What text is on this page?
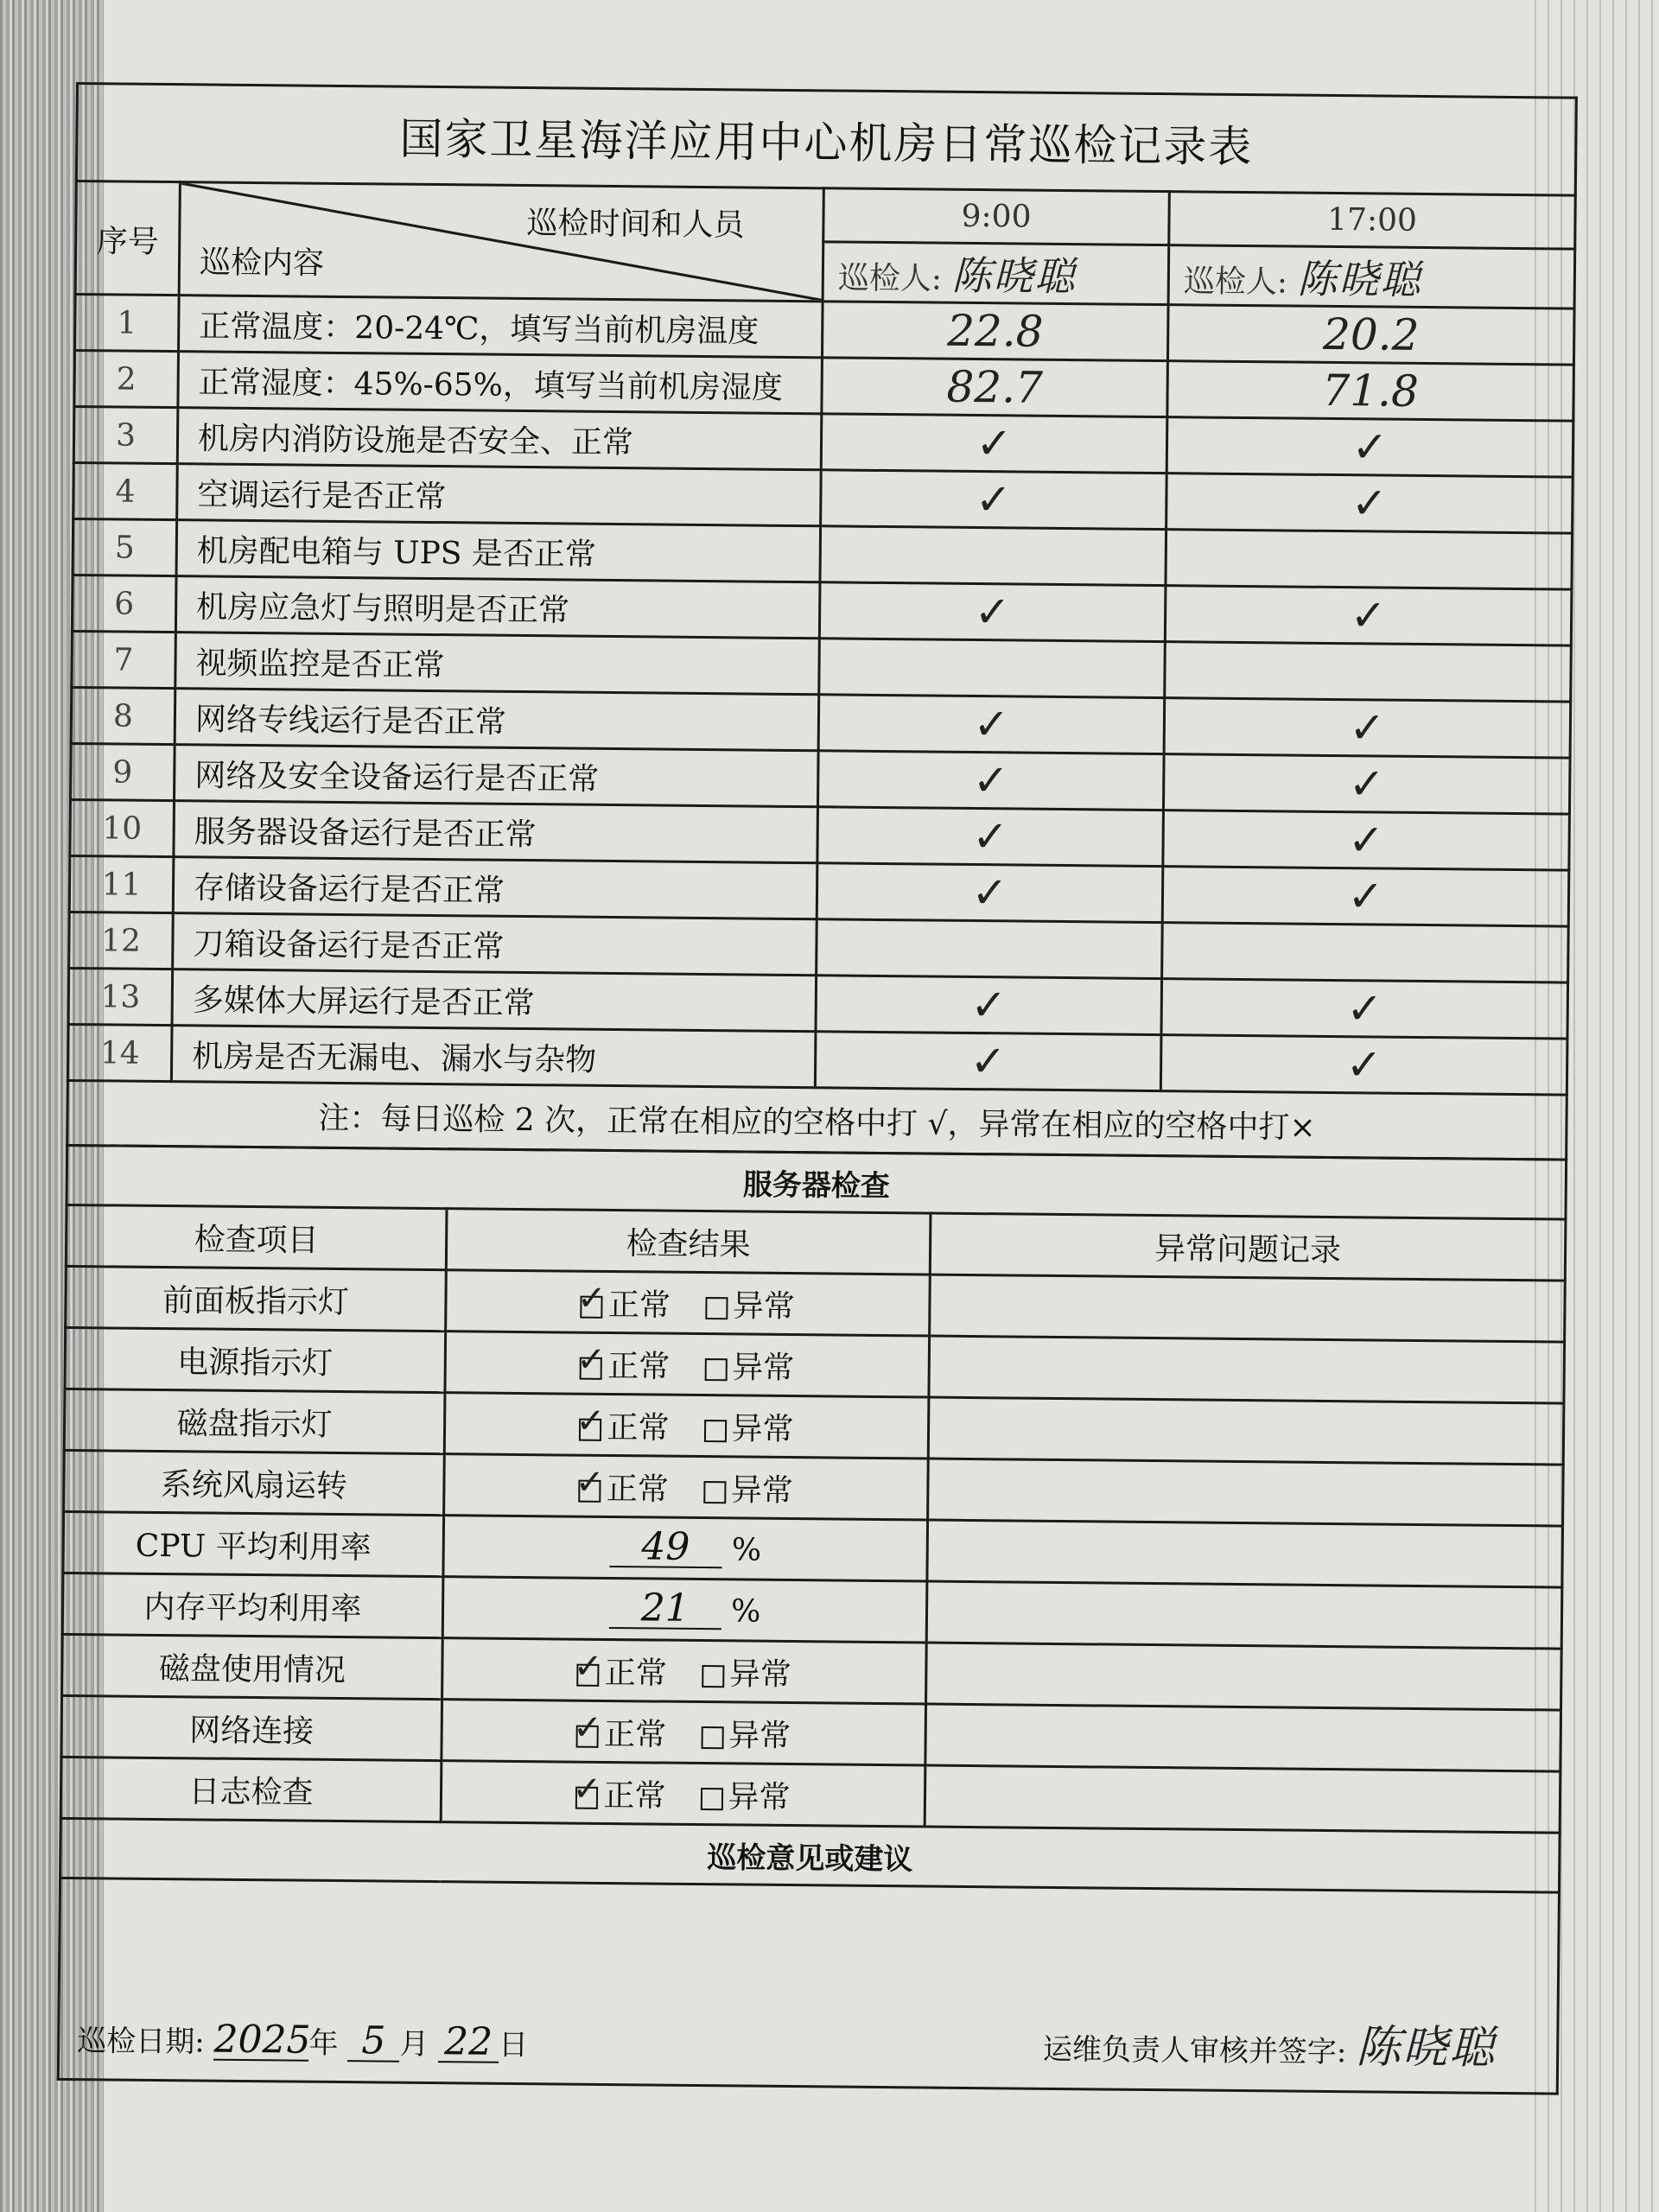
国家卫星海洋应用中心机房日常巡检记录表			
序号	巡检时间和人员
巡检内容	9:00	17:00
		巡检人: 陈晓聪	巡检人: 陈晓聪
1	正常温度：20-24℃，填写当前机房温度	22.8	20.2
2	正常湿度：45%-65%，填写当前机房湿度	82.7	71.8
3	机房内消防设施是否安全、正常	✓	✓
4	空调运行是否正常	✓	✓
5	机房配电箱与 UPS 是否正常		
6	机房应急灯与照明是否正常	✓	✓
7	视频监控是否正常		
8	网络专线运行是否正常	✓	✓
9	网络及安全设备运行是否正常	✓	✓
10	服务器设备运行是否正常	✓	✓
11	存储设备运行是否正常	✓	✓
12	刀箱设备运行是否正常		
13	多媒体大屏运行是否正常	✓	✓
14	机房是否无漏电、漏水与杂物	✓	✓
注：每日巡检 2 次，正常在相应的空格中打 √，异常在相应的空格中打×			
服务器检查		
检查项目	检查结果	异常问题记录
前面板指示灯	✓ 正常 异常	
电源指示灯	✓ 正常 异常	
磁盘指示灯	✓ 正常 异常	
系统风扇运转	✓ 正常 异常	
CPU 平均利用率	49 %	
内存平均利用率	21 %	
磁盘使用情况	✓ 正常 异常	
网络连接	✓ 正常 异常	
日志检查	✓ 正常 异常	
巡检意见或建议		

巡检日期: 2025年 5 月 22 日 运维负责人审核并签字: 陈晓聪		
